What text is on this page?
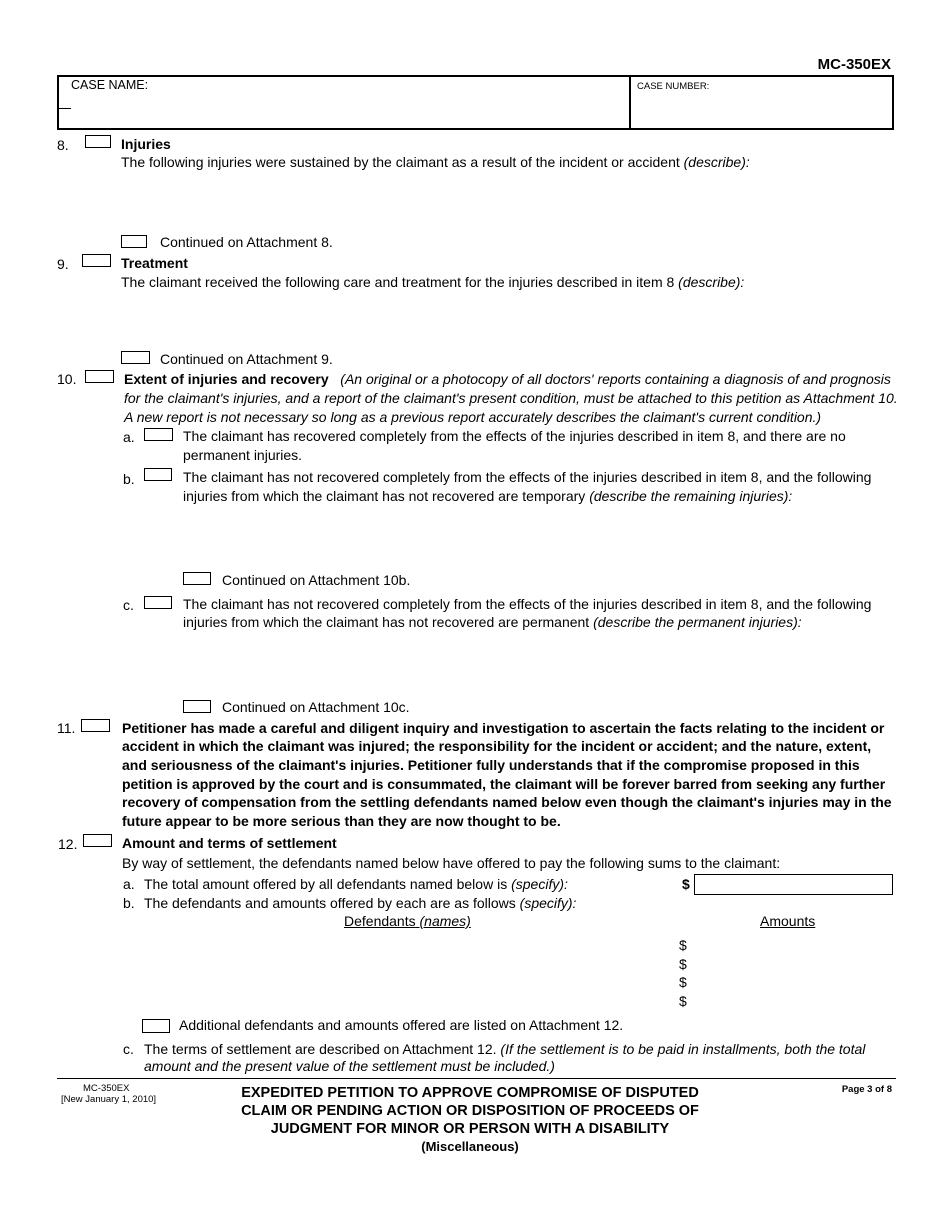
MC-350EX
CASE NAME:	CASE NUMBER:
8.	Injuries
The following injuries were sustained by the claimant as a result of the incident or accident (describe):
Continued on Attachment 8.
9.	Treatment
The claimant received the following care and treatment for the injuries described in item 8 (describe):
Continued on Attachment 9.
10.	Extent of injuries and recovery (An original or a photocopy of all doctors' reports containing a diagnosis of and prognosis
for the claimant's injuries, and a report of the claimant's present condition, must be attached to this petition as Attachment 10.
A new report is not necessary so long as a previous report accurately describes the claimant's current condition.)
a.	The claimant has recovered completely from the effects of the injuries described in item 8, and there are no
permanent injuries.
b.	The claimant has not recovered completely from the effects of the injuries described in item 8, and the following
injuries from which the claimant has not recovered are temporary (describe the remaining injuries):
Continued on Attachment 10b.
c.	The claimant has not recovered completely from the effects of the injuries described in item 8, and the following
injuries from which the claimant has not recovered are permanent (describe the permanent injuries):
Continued on Attachment 10c.
11.	Petitioner has made a careful and diligent inquiry and investigation to ascertain the facts relating to the incident or
accident in which the claimant was injured; the responsibility for the incident or accident; and the nature, extent,
and seriousness of the claimant's injuries. Petitioner fully understands that if the compromise proposed in this
petition is approved by the court and is consummated, the claimant will be forever barred from seeking any further
recovery of compensation from the settling defendants named below even though the claimant's injuries may in the
future appear to be more serious than they are now thought to be.
12.	Amount and terms of settlement
By way of settlement, the defendants named below have offered to pay the following sums to the claimant:
a. The total amount offered by all defendants named below is (specify):	$
b. The defendants and amounts offered by each are as follows (specify):
Defendants (names)	Amounts
$
$
$
$
Additional defendants and amounts offered are listed on Attachment 12.
c. The terms of settlement are described on Attachment 12. (If the settlement is to be paid in installments, both the total
amount and the present value of the settlement must be included.)
MC-350EX
[New January 1, 2010]	EXPEDITED PETITION TO APPROVE COMPROMISE OF DISPUTED
CLAIM OR PENDING ACTION OR DISPOSITION OF PROCEEDS OF
JUDGMENT FOR MINOR OR PERSON WITH A DISABILITY
(Miscellaneous)
Page 3 of 8
